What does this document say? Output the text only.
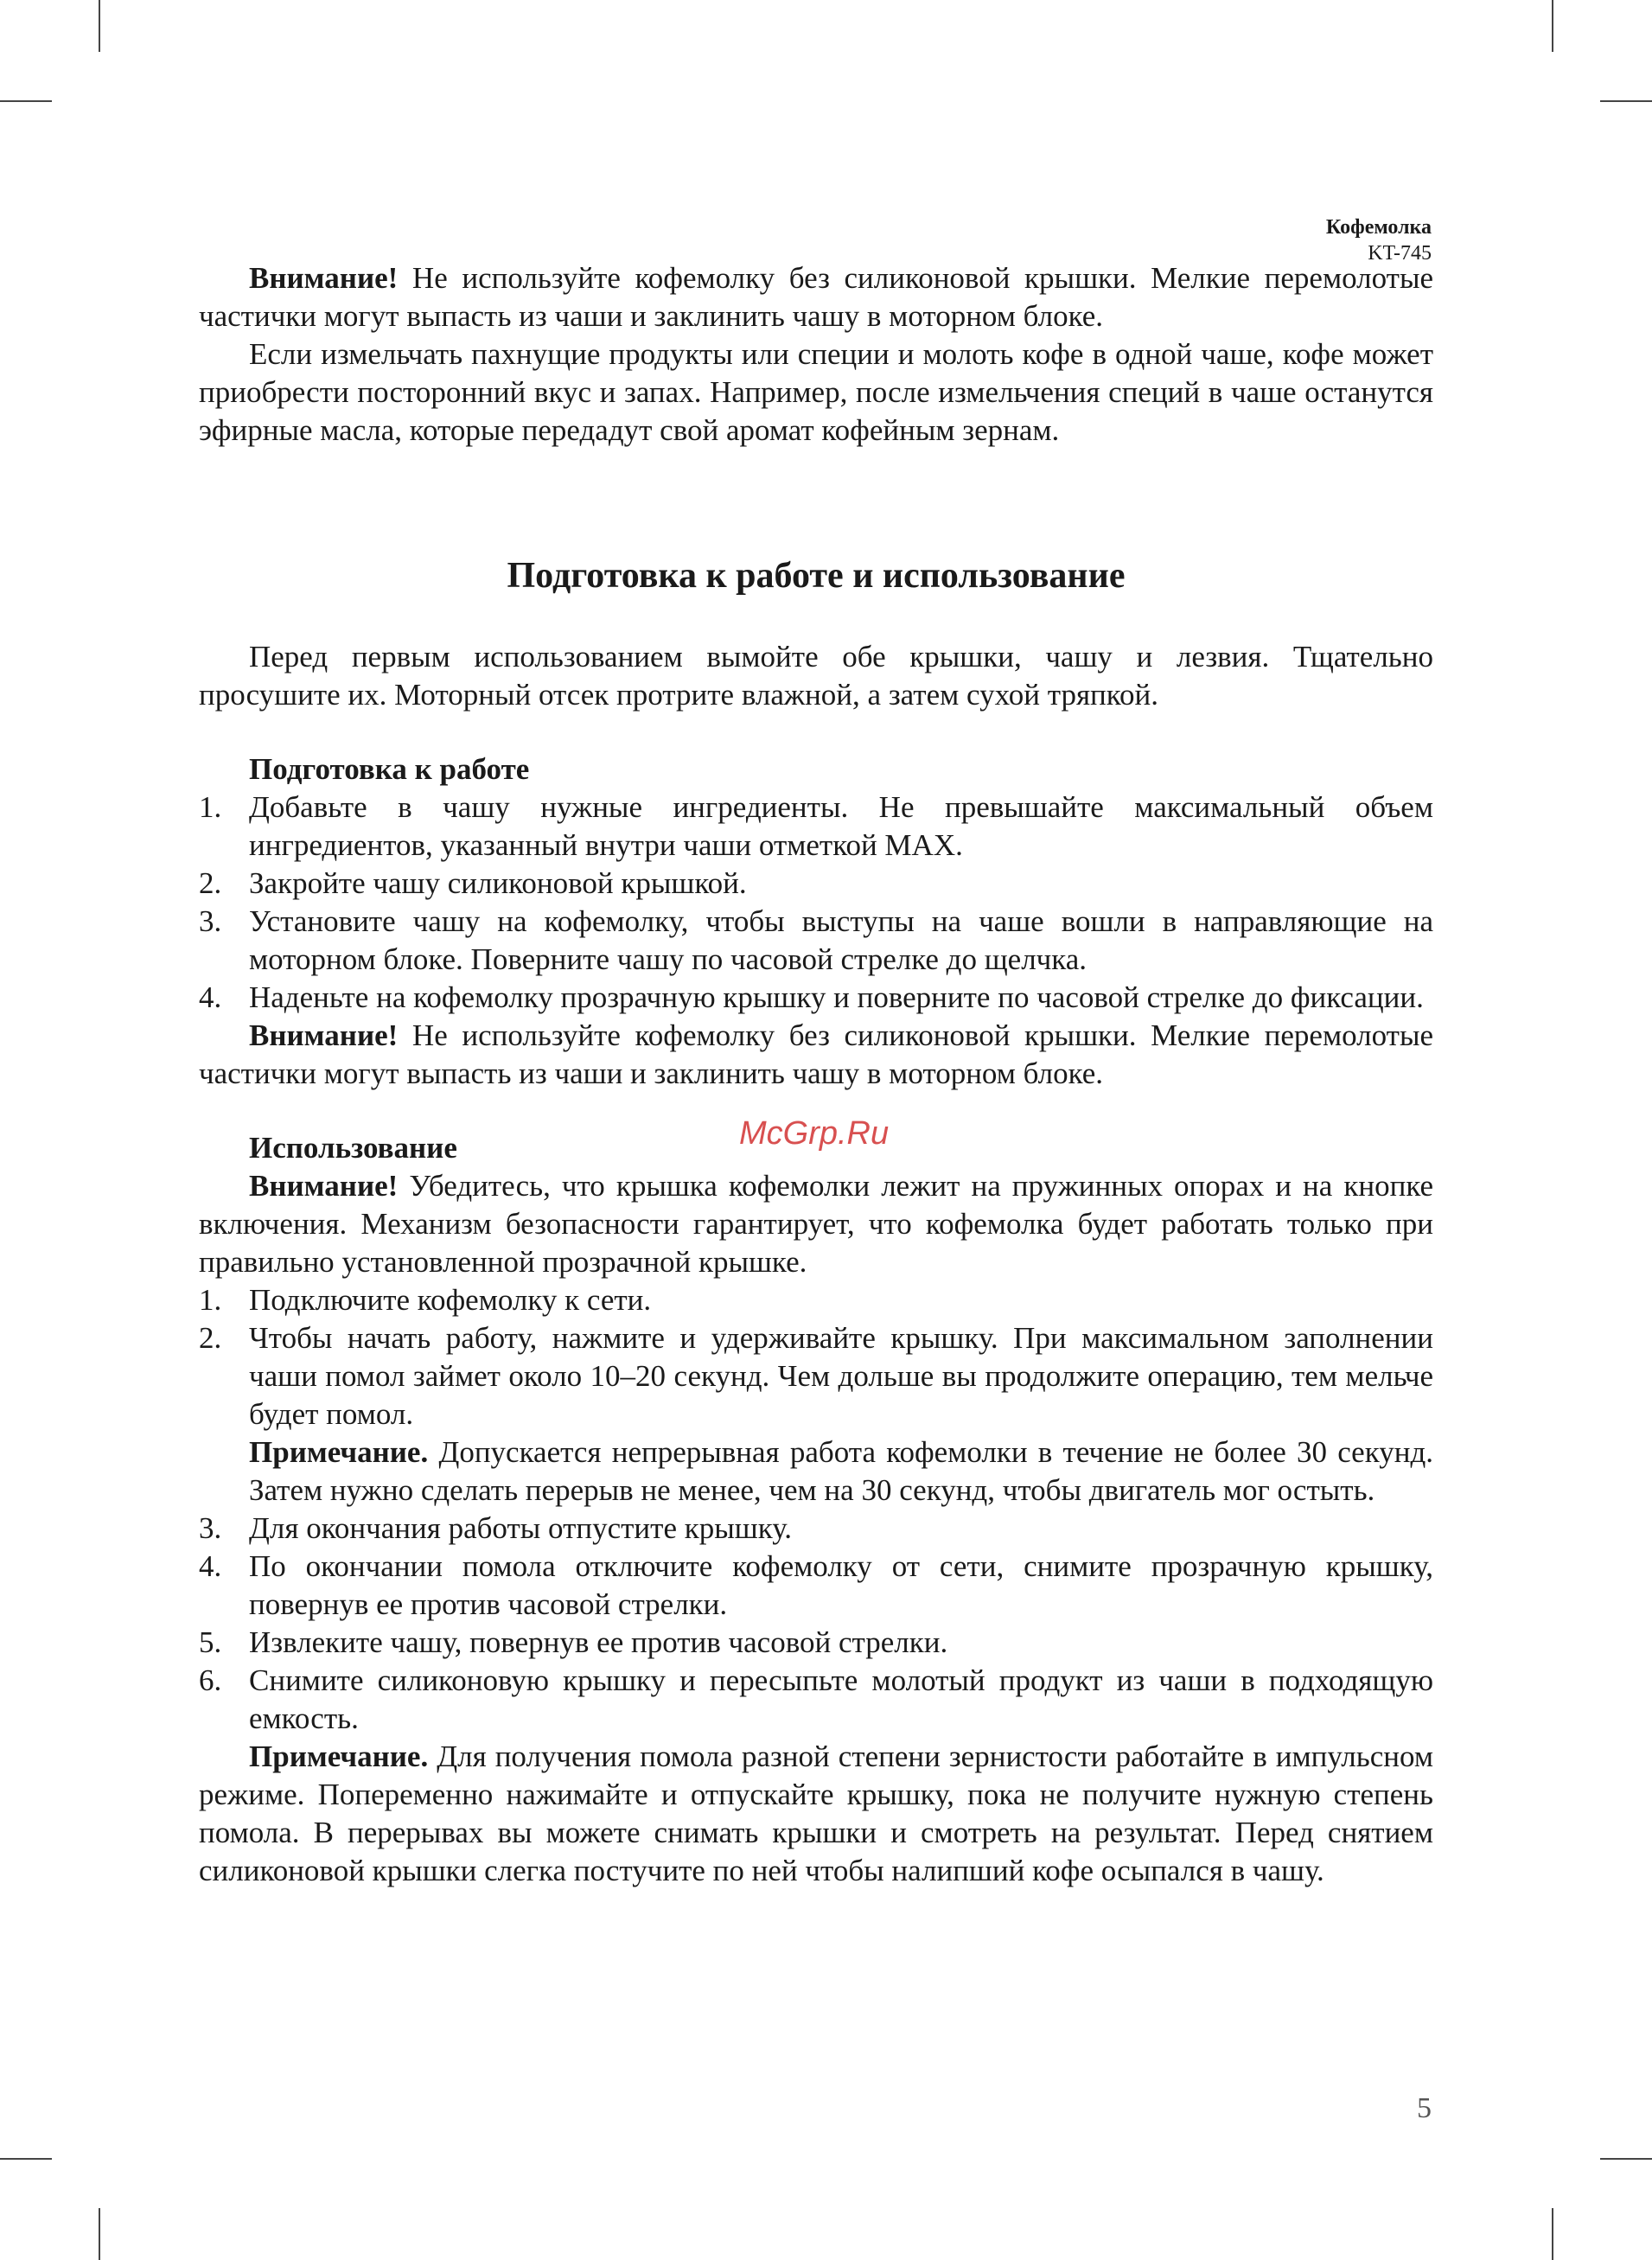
Кофемолка
KT-745

Внимание! Не используйте кофемолку без силиконовой крышки. Мелкие перемолотые частички могут выпасть из чаши и заклинить чашу в моторном блоке.

Если измельчать пахнущие продукты или специи и молоть кофе в одной чаше, кофе может приобрести посторонний вкус и запах. Например, после измельчения специй в чаше останутся эфирные масла, которые передадут свой аромат кофейным зернам.

Подготовка к работе и использование

Перед первым использованием вымойте обе крышки, чашу и лезвия. Тщательно просушите их. Моторный отсек протрите влажной, а затем сухой тряпкой.

Подготовка к работе
1. Добавьте в чашу нужные ингредиенты. Не превышайте максимальный объем ингредиентов, указанный внутри чаши отметкой MAX.
2. Закройте чашу силиконовой крышкой.
3. Установите чашу на кофемолку, чтобы выступы на чаше вошли в направляющие на моторном блоке. Поверните чашу по часовой стрелке до щелчка.
4. Наденьте на кофемолку прозрачную крышку и поверните по часовой стрелке до фиксации.

Внимание! Не используйте кофемолку без силиконовой крышки. Мелкие перемолотые частички могут выпасть из чаши и заклинить чашу в моторном блоке.

Использование

Внимание! Убедитесь, что крышка кофемолки лежит на пружинных опорах и на кнопке включения. Механизм безопасности гарантирует, что кофемолка будет работать только при правильно установленной прозрачной крышке.

1. Подключите кофемолку к сети.
2. Чтобы начать работу, нажмите и удерживайте крышку. При максимальном заполнении чаши помол займет около 10–20 секунд. Чем дольше вы продолжите операцию, тем мельче будет помол.
Примечание. Допускается непрерывная работа кофемолки в течение не более 30 секунд. Затем нужно сделать перерыв не менее, чем на 30 секунд, чтобы двигатель мог остыть.
3. Для окончания работы отпустите крышку.
4. По окончании помола отключите кофемолку от сети, снимите прозрачную крышку, повернув ее против часовой стрелки.
5. Извлеките чашу, повернув ее против часовой стрелки.
6. Снимите силиконовую крышку и пересыпьте молотый продукт из чаши в подходящую емкость.

Примечание. Для получения помола разной степени зернистости работайте в импульсном режиме. Попеременно нажимайте и отпускайте крышку, пока не получите нужную степень помола. В перерывах вы можете снимать крышки и смотреть на результат. Перед снятием силиконовой крышки слегка постучите по ней чтобы налипший кофе осыпался в чашу.

McGrp.Ru
5
